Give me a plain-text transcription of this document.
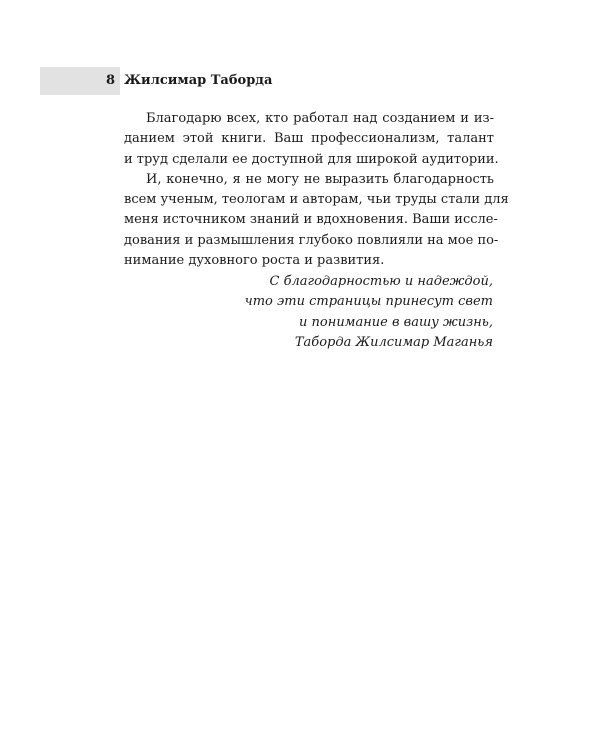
8 Жилсимар Таборда
Благодарю всех, кто работал над созданием и из-
данием этой книги. Ваш профессионализм, талант
и труд сделали ее доступной для широкой аудитории.
И, конечно, я не могу не выразить благодарность
всем ученым, теологам и авторам, чьи труды стали для
меня источником знаний и вдохновения. Ваши иссле-
дования и размышления глубоко повлияли на мое по-
нимание духовного роста и развития.
С благодарностью и надеждой,
что эти страницы принесут свет
и понимание в вашу жизнь,
Таборда Жилсимар Маганья
